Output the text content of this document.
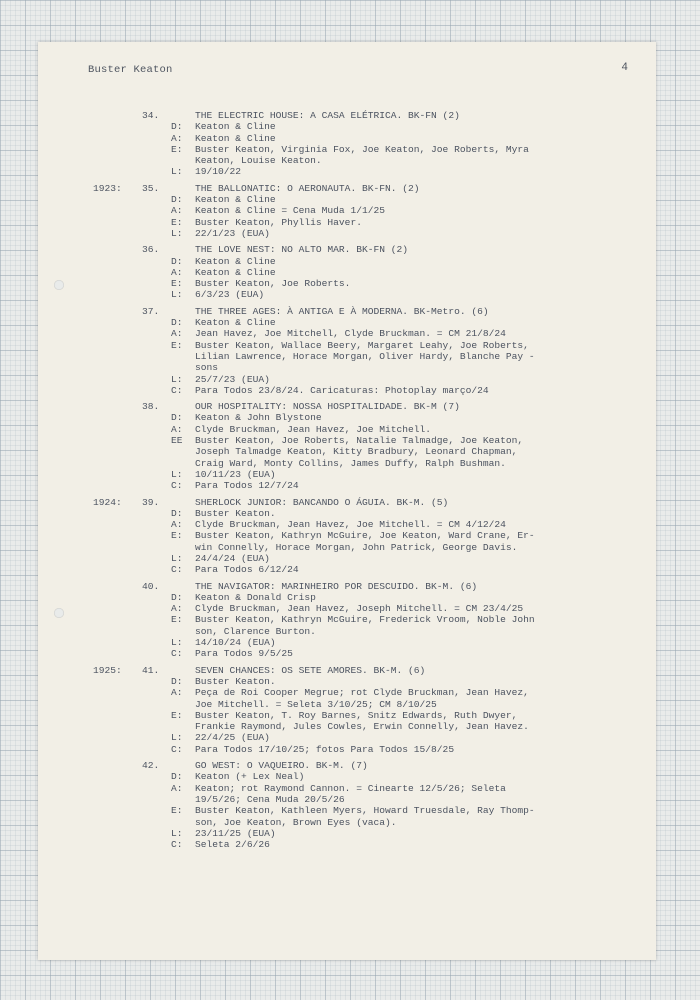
Buster Keaton	4
34.	THE ELECTRIC HOUSE: A CASA ELÉTRICA. BK-FN (2)
D: Keaton & Cline
A: Keaton & Cline
E: Buster Keaton, Virginia Fox, Joe Keaton, Joe Roberts, Myra
Keaton, Louise Keaton.
L: 19/10/22
1923: 35.	THE BALLONATIC: O AERONAUTA. BK-FN. (2)
D: Keaton & Cline
A: Keaton & Cline = Cena Muda 1/1/25
E: Buster Keaton, Phyllis Haver.
L: 22/1/23 (EUA)
36.	THE LOVE NEST: NO ALTO MAR. BK-FN (2)
D: Keaton & Cline
A: Keaton & Cline
E: Buster Keaton, Joe Roberts.
L: 6/3/23 (EUA)
37.	THE THREE AGES: À ANTIGA E À MODERNA. BK-Metro. (6)
D: Keaton & Cline
A: Jean Havez, Joe Mitchell, Clyde Bruckman. = CM 21/8/24
E: Buster Keaton, Wallace Beery, Margaret Leahy, Joe Roberts,
Lilian Lawrence, Horace Morgan, Oliver Hardy, Blanche Pay -
sons
L: 25/7/23 (EUA)
C: Para Todos 23/8/24. Caricaturas: Photoplay março/24
38.	OUR HOSPITALITY: NOSSA HOSPITALIDADE. BK-M (7)
D: Keaton & John Blystone
A: Clyde Bruckman, Jean Havez, Joe Mitchell.
EE Buster Keaton, Joe Roberts, Natalie Talmadge, Joe Keaton,
Joseph Talmadge Keaton, Kitty Bradbury, Leonard Chapman,
Craig Ward, Monty Collins, James Duffy, Ralph Bushman.
L: 10/11/23 (EUA)
C: Para Todos 12/7/24
1924: 39.	SHERLOCK JUNIOR: BANCANDO O ÁGUIA. BK-M. (5)
D: Buster Keaton.
A: Clyde Bruckman, Jean Havez, Joe Mitchell. = CM 4/12/24
E: Buster Keaton, Kathryn McGuire, Joe Keaton, Ward Crane, Er-
win Connelly, Horace Morgan, John Patrick, George Davis.
L: 24/4/24 (EUA)
C: Para Todos 6/12/24
40.	THE NAVIGATOR: MARINHEIRO POR DESCUIDO. BK-M. (6)
D: Keaton & Donald Crisp
A: Clyde Bruckman, Jean Havez, Joseph Mitchell. = CM 23/4/25
E: Buster Keaton, Kathryn McGuire, Frederick Vroom, Noble John
son, Clarence Burton.
L: 14/10/24 (EUA)
C: Para Todos 9/5/25
1925: 41.	SEVEN CHANCES: OS SETE AMORES. BK-M. (6)
D: Buster Keaton.
A: Peça de Roi Cooper Megrue; rot Clyde Bruckman, Jean Havez,
Joe Mitchell. = Seleta 3/10/25; CM 8/10/25
E: Buster Keaton, T. Roy Barnes, Snitz Edwards, Ruth Dwyer,
Frankie Raymond, Jules Cowles, Erwin Connelly, Jean Havez.
L: 22/4/25 (EUA)
C: Para Todos 17/10/25; fotos Para Todos 15/8/25
42.	GO WEST: O VAQUEIRO. BK-M. (7)
D: Keaton (+ Lex Neal)
A: Keaton; rot Raymond Cannon. = Cinearte 12/5/26; Seleta
19/5/26; Cena Muda 20/5/26
E: Buster Keaton, Kathleen Myers, Howard Truesdale, Ray Thomp-
son, Joe Keaton, Brown Eyes (vaca).
L: 23/11/25 (EUA)
C: Seleta 2/6/26
